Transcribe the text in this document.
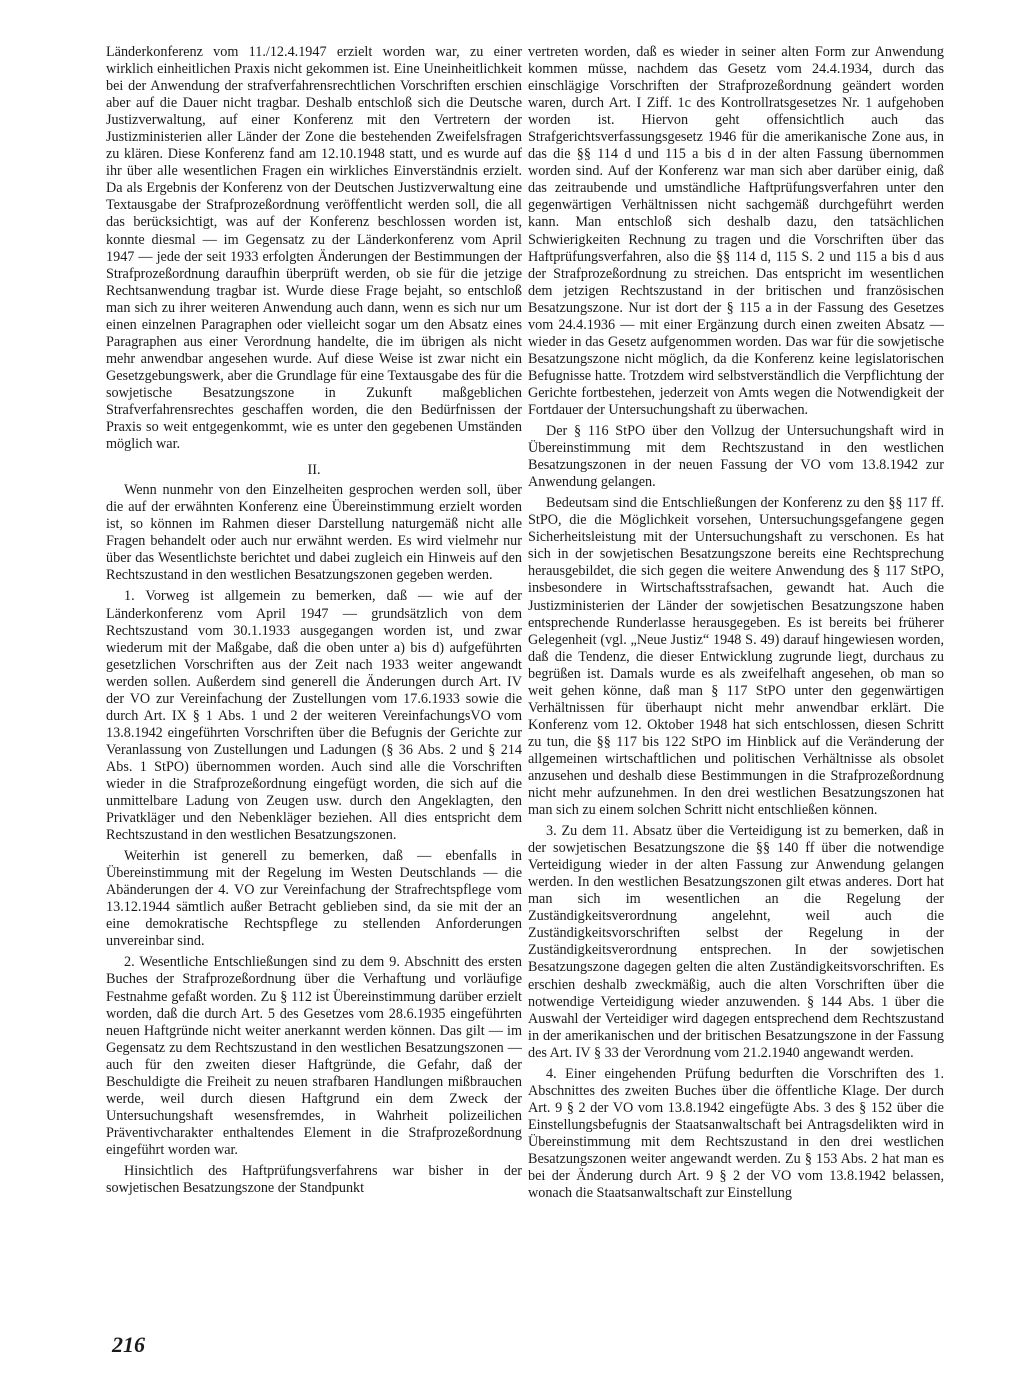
Länderkonferenz vom 11./12.4.1947 erzielt worden war, zu einer wirklich einheitlichen Praxis nicht gekommen ist. Eine Uneinheitlichkeit bei der Anwendung der strafverfahrensrechtlichen Vorschriften erschien aber auf die Dauer nicht tragbar. Deshalb entschloß sich die Deutsche Justizverwaltung, auf einer Konferenz mit den Vertretern der Justizministerien aller Länder der Zone die bestehenden Zweifelsfragen zu klären. Diese Konferenz fand am 12.10.1948 statt, und es wurde auf ihr über alle wesentlichen Fragen ein wirkliches Einverständnis erzielt. Da als Ergebnis der Konferenz von der Deutschen Justizverwaltung eine Textausgabe der Strafprozeßordnung veröffentlicht werden soll, die all das berücksichtigt, was auf der Konferenz beschlossen worden ist, konnte diesmal — im Gegensatz zu der Länderkonferenz vom April 1947 — jede der seit 1933 erfolgten Änderungen der Bestimmungen der Strafprozeßordnung daraufhin überprüft werden, ob sie für die jetzige Rechtsanwendung tragbar ist. Wurde diese Frage bejaht, so entschloß man sich zu ihrer weiteren Anwendung auch dann, wenn es sich nur um einen einzelnen Paragraphen oder vielleicht sogar um den Absatz eines Paragraphen aus einer Verordnung handelte, die im übrigen als nicht mehr anwendbar angesehen wurde. Auf diese Weise ist zwar nicht ein Gesetzgebungswerk, aber die Grundlage für eine Textausgabe des für die sowjetische Besatzungszone in Zukunft maßgeblichen Strafverfahrensrechtes geschaffen worden, die den Bedürfnissen der Praxis so weit entgegenkommt, wie es unter den gegebenen Umständen möglich war.

II.

Wenn nunmehr von den Einzelheiten gesprochen werden soll, über die auf der erwähnten Konferenz eine Übereinstimmung erzielt worden ist, so können im Rahmen dieser Darstellung naturgemäß nicht alle Fragen behandelt oder auch nur erwähnt werden. Es wird vielmehr nur über das Wesentlichste berichtet und dabei zugleich ein Hinweis auf den Rechtszustand in den westlichen Besatzungszonen gegeben werden.

1. Vorweg ist allgemein zu bemerken, daß — wie auf der Länderkonferenz vom April 1947 — grundsätzlich von dem Rechtszustand vom 30.1.1933 ausgegangen worden ist, und zwar wiederum mit der Maßgabe, daß die oben unter a) bis d) aufgeführten gesetzlichen Vorschriften aus der Zeit nach 1933 weiter angewandt werden sollen. Außerdem sind generell die Änderungen durch Art. IV der VO zur Vereinfachung der Zustellungen vom 17.6.1933 sowie die durch Art. IX § 1 Abs. 1 und 2 der weiteren VereinfachungsVO vom 13.8.1942 eingeführten Vorschriften über die Befugnis der Gerichte zur Veranlassung von Zustellungen und Ladungen (§ 36 Abs. 2 und § 214 Abs. 1 StPO) übernommen worden. Auch sind alle die Vorschriften wieder in die Strafprozeßordnung eingefügt worden, die sich auf die unmittelbare Ladung von Zeugen usw. durch den Angeklagten, den Privatkläger und den Nebenkläger beziehen. All dies entspricht dem Rechtszustand in den westlichen Besatzungszonen.

Weiterhin ist generell zu bemerken, daß — ebenfalls in Übereinstimmung mit der Regelung im Westen Deutschlands — die Abänderungen der 4. VO zur Vereinfachung der Strafrechtspflege vom 13.12.1944 sämtlich außer Betracht geblieben sind, da sie mit der an eine demokratische Rechtspflege zu stellenden Anforderungen unvereinbar sind.

2. Wesentliche Entschließungen sind zu dem 9. Abschnitt des ersten Buches der Strafprozeßordnung über die Verhaftung und vorläufige Festnahme gefaßt worden. Zu § 112 ist Übereinstimmung darüber erzielt worden, daß die durch Art. 5 des Gesetzes vom 28.6.1935 eingeführten neuen Haftgründe nicht weiter anerkannt werden können. Das gilt — im Gegensatz zu dem Rechtszustand in den westlichen Besatzungszonen — auch für den zweiten dieser Haftgründe, die Gefahr, daß der Beschuldigte die Freiheit zu neuen strafbaren Handlungen mißbrauchen werde, weil durch diesen Haftgrund ein dem Zweck der Untersuchungshaft wesensfremdes, in Wahrheit polizeilichen Präventivcharakter enthaltendes Element in die Strafprozeßordnung eingeführt worden war.

Hinsichtlich des Haftprüfungsverfahrens war bisher in der sowjetischen Besatzungszone der Standpunkt

vertreten worden, daß es wieder in seiner alten Form zur Anwendung kommen müsse, nachdem das Gesetz vom 24.4.1934, durch das einschlägige Vorschriften der Strafprozeßordnung geändert worden waren, durch Art. I Ziff. 1c des Kontrollratsgesetzes Nr. 1 aufgehoben worden ist. Hiervon geht offensichtlich auch das Strafgerichtsverfassungsgesetz 1946 für die amerikanische Zone aus, in das die §§ 114 d und 115 a bis d in der alten Fassung übernommen worden sind. Auf der Konferenz war man sich aber darüber einig, daß das zeitraubende und umständliche Haftprüfungsverfahren unter den gegenwärtigen Verhältnissen nicht sachgemäß durchgeführt werden kann. Man entschloß sich deshalb dazu, den tatsächlichen Schwierigkeiten Rechnung zu tragen und die Vorschriften über das Haftprüfungsverfahren, also die §§ 114 d, 115 S. 2 und 115 a bis d aus der Strafprozeßordnung zu streichen. Das entspricht im wesentlichen dem jetzigen Rechtszustand in der britischen und französischen Besatzungszone. Nur ist dort der § 115 a in der Fassung des Gesetzes vom 24.4.1936 — mit einer Ergänzung durch einen zweiten Absatz — wieder in das Gesetz aufgenommen worden. Das war für die sowjetische Besatzungszone nicht möglich, da die Konferenz keine legislatorischen Befugnisse hatte. Trotzdem wird selbstverständlich die Verpflichtung der Gerichte fortbestehen, jederzeit von Amts wegen die Notwendigkeit der Fortdauer der Untersuchungshaft zu überwachen.

Der § 116 StPO über den Vollzug der Untersuchungshaft wird in Übereinstimmung mit dem Rechtszustand in den westlichen Besatzungszonen in der neuen Fassung der VO vom 13.8.1942 zur Anwendung gelangen.

Bedeutsam sind die Entschließungen der Konferenz zu den §§ 117 ff. StPO, die die Möglichkeit vorsehen, Untersuchungsgefangene gegen Sicherheitsleistung mit der Untersuchungshaft zu verschonen. Es hat sich in der sowjetischen Besatzungszone bereits eine Rechtsprechung herausgebildet, die sich gegen die weitere Anwendung des § 117 StPO, insbesondere in Wirtschaftsstrafsachen, gewandt hat. Auch die Justizministerien der Länder der sowjetischen Besatzungszone haben entsprechende Runderlasse herausgegeben. Es ist bereits bei früherer Gelegenheit (vgl. „Neue Justiz“ 1948 S. 49) darauf hingewiesen worden, daß die Tendenz, die dieser Entwicklung zugrunde liegt, durchaus zu begrüßen ist. Damals wurde es als zweifelhaft angesehen, ob man so weit gehen könne, daß man § 117 StPO unter den gegenwärtigen Verhältnissen für überhaupt nicht mehr anwendbar erklärt. Die Konferenz vom 12. Oktober 1948 hat sich entschlossen, diesen Schritt zu tun, die §§ 117 bis 122 StPO im Hinblick auf die Veränderung der allgemeinen wirtschaftlichen und politischen Verhältnisse als obsolet anzusehen und deshalb diese Bestimmungen in die Strafprozeßordnung nicht mehr aufzunehmen. In den drei westlichen Besatzungszonen hat man sich zu einem solchen Schritt nicht entschließen können.

3. Zu dem 11. Absatz über die Verteidigung ist zu bemerken, daß in der sowjetischen Besatzungszone die §§ 140 ff über die notwendige Verteidigung wieder in der alten Fassung zur Anwendung gelangen werden. In den westlichen Besatzungszonen gilt etwas anderes. Dort hat man sich im wesentlichen an die Regelung der Zuständigkeitsverordnung angelehnt, weil auch die Zuständigkeitsvorschriften selbst der Regelung in der Zuständigkeitsverordnung entsprechen. In der sowjetischen Besatzungszone dagegen gelten die alten Zuständigkeitsvorschriften. Es erschien deshalb zweckmäßig, auch die alten Vorschriften über die notwendige Verteidigung wieder anzuwenden. § 144 Abs. 1 über die Auswahl der Verteidiger wird dagegen entsprechend dem Rechtszustand in der amerikanischen und der britischen Besatzungszone in der Fassung des Art. IV § 33 der Verordnung vom 21.2.1940 angewandt werden.

4. Einer eingehenden Prüfung bedurften die Vorschriften des 1. Abschnittes des zweiten Buches über die öffentliche Klage. Der durch Art. 9 § 2 der VO vom 13.8.1942 eingefügte Abs. 3 des § 152 über die Einstellungsbefugnis der Staatsanwaltschaft bei Antragsdelikten wird in Übereinstimmung mit dem Rechtszustand in den drei westlichen Besatzungszonen weiter angewandt werden. Zu § 153 Abs. 2 hat man es bei der Änderung durch Art. 9 § 2 der VO vom 13.8.1942 belassen, wonach die Staatsanwaltschaft zur Einstellung

216
